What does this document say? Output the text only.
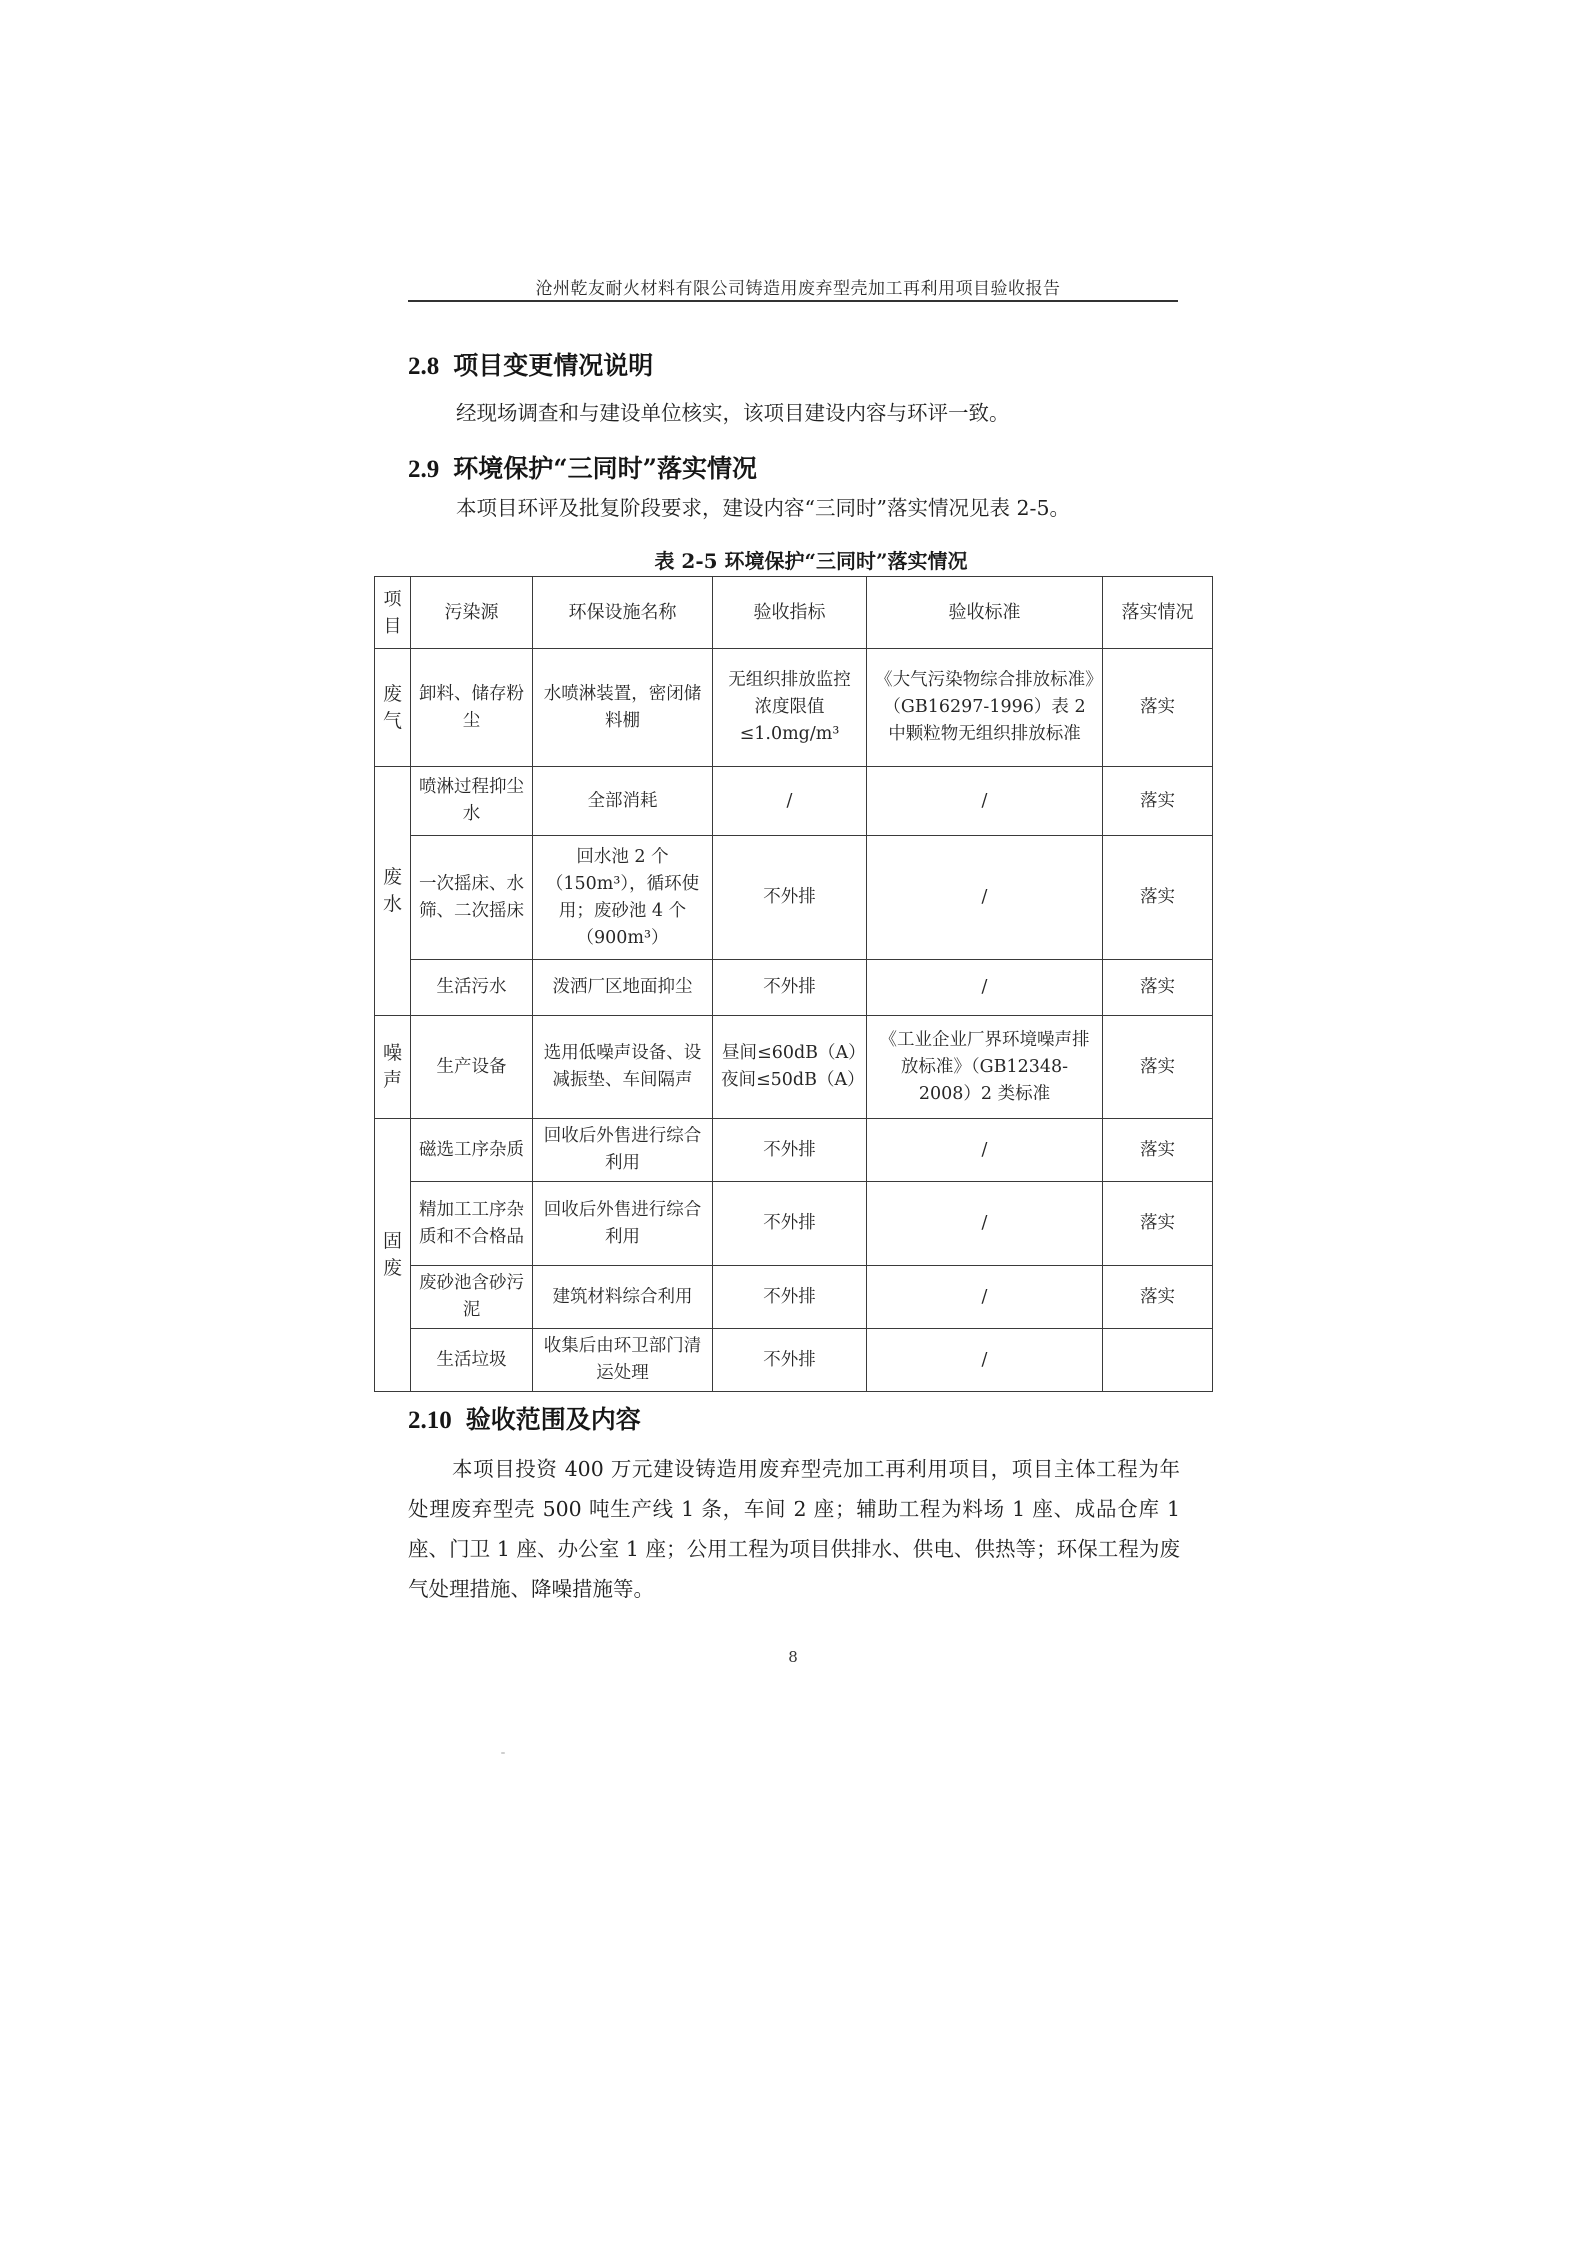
沧州乾友耐火材料有限公司铸造用废弃型壳加工再利用项目验收报告
2.8 项目变更情况说明
经现场调查和与建设单位核实，该项目建设内容与环评一致。
2.9 环境保护“三同时”落实情况
本项目环评及批复阶段要求，建设内容“三同时”落实情况见表 2-5。
表 2-5 环境保护“三同时”落实情况
项目	污染源	环保设施名称	验收指标	验收标准	落实情况
废气	卸料、储存粉尘	水喷淋装置，密闭储料棚	无组织排放监控浓度限值≤1.0mg/m³	《大气污染物综合排放标准》（GB16297-1996）表 2 中颗粒物无组织排放标准	落实
废水	喷淋过程抑尘水	全部消耗	/	/	落实
	一次摇床、水筛、二次摇床	回水池 2 个（150m³），循环使用；废砂池 4 个（900m³）	不外排	/	落实
	生活污水	泼洒厂区地面抑尘	不外排	/	落实
噪声	生产设备	选用低噪声设备、设减振垫、车间隔声	昼间≤60dB（A）夜间≤50dB（A）	《工业企业厂界环境噪声排放标准》（GB12348-2008）2 类标准	落实
固废	磁选工序杂质	回收后外售进行综合利用	不外排	/	落实
	精加工工序杂质和不合格品	回收后外售进行综合利用	不外排	/	落实
	废砂池含砂污泥	建筑材料综合利用	不外排	/	落实
	生活垃圾	收集后由环卫部门清运处理	不外排	/	
2.10 验收范围及内容
本项目投资 400 万元建设铸造用废弃型壳加工再利用项目，项目主体工程为年处理废弃型壳 500 吨生产线 1 条，车间 2 座；辅助工程为料场 1 座、成品仓库 1 座、门卫 1 座、办公室 1 座；公用工程为项目供排水、供电、供热等；环保工程为废气处理措施、降噪措施等。
8
